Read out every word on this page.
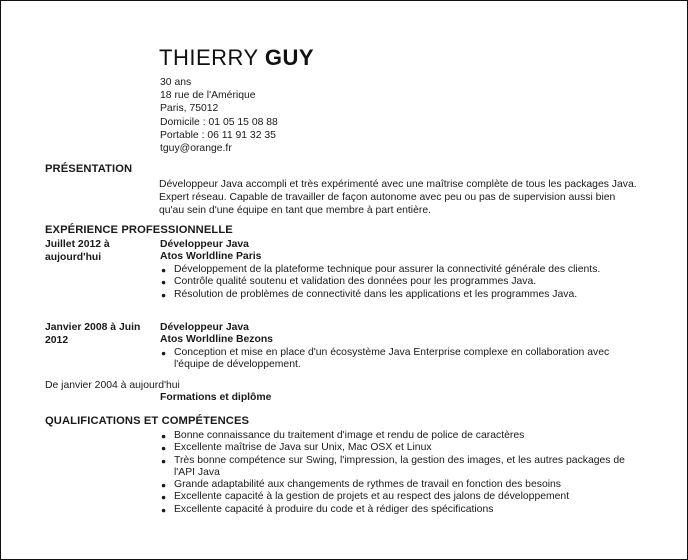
THIERRY GUY
30 ans
18 rue de l'Amérique
Paris, 75012
Domicile : 01 05 15 08 88
Portable : 06 11 91 32 35
tguy@orange.fr
PRÉSENTATION
Développeur Java accompli et très expérimenté avec une maîtrise complète de tous les packages Java. Expert réseau. Capable de travailler de façon autonome avec peu ou pas de supervision aussi bien qu'au sein d'une équipe en tant que membre à part entière.
EXPÉRIENCE PROFESSIONNELLE
Juillet 2012 à aujourd'hui
Développeur Java
Atos Worldline Paris
● Développement de la plateforme technique pour assurer la connectivité générale des clients.
● Contrôle qualité soutenu et validation des données pour les programmes Java.
● Résolution de problèmes de connectivité dans les applications et les programmes Java.
Janvier 2008 à Juin 2012
Développeur Java
Atos Worldline Bezons
● Conception et mise en place d'un écosystème Java Enterprise complexe en collaboration avec l'équipe de développement.
De janvier 2004 à aujourd'hui
Formations et diplôme
QUALIFICATIONS ET COMPÉTENCES
● Bonne connaissance du traitement d'image et rendu de police de caractères
● Excellente maîtrise de Java sur Unix, Mac OSX et Linux
● Très bonne compétence sur Swing, l'impression, la gestion des images, et les autres packages de l'API Java
● Grande adaptabilité aux changements de rythmes de travail en fonction des besoins
● Excellente capacité à la gestion de projets et au respect des jalons de développement
● Excellente capacité à produire du code et à rédiger des spécifications
